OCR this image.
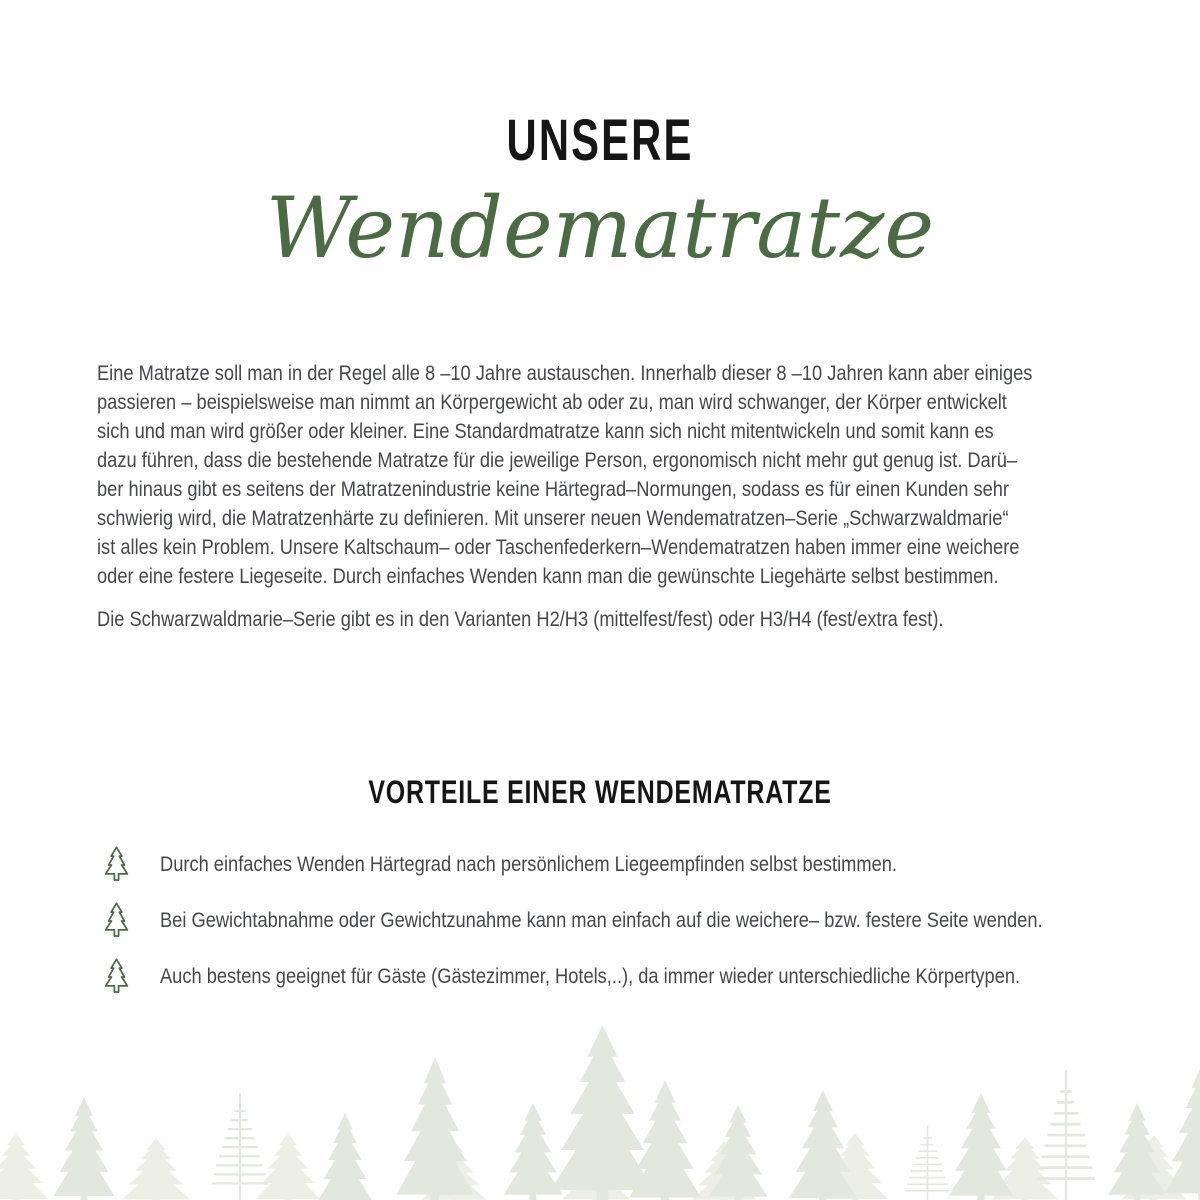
UNSERE
Wendematratze
Eine Matratze soll man in der Regel alle 8 –10 Jahre austauschen. Innerhalb dieser 8 –10 Jahren kann aber einiges
passieren – beispielsweise man nimmt an Körpergewicht ab oder zu, man wird schwanger, der Körper entwickelt
sich und man wird größer oder kleiner. Eine Standardmatratze kann sich nicht mitentwickeln und somit kann es
dazu führen, dass die bestehende Matratze für die jeweilige Person, ergonomisch nicht mehr gut genug ist. Darü–
ber hinaus gibt es seitens der Matratzenindustrie keine Härtegrad–Normungen, sodass es für einen Kunden sehr
schwierig wird, die Matratzenhärte zu definieren. Mit unserer neuen Wendematratzen–Serie „Schwarzwaldmarie“
ist alles kein Problem. Unsere Kaltschaum– oder Taschenfederkern–Wendematratzen haben immer eine weichere
oder eine festere Liegeseite. Durch einfaches Wenden kann man die gewünschte Liegehärte selbst bestimmen.
Die Schwarzwaldmarie–Serie gibt es in den Varianten H2/H3 (mittelfest/fest) oder H3/H4 (fest/extra fest).
VORTEILE EINER WENDEMATRATZE
Durch einfaches Wenden Härtegrad nach persönlichem Liegeempfinden selbst bestimmen.
Bei Gewichtabnahme oder Gewichtzunahme kann man einfach auf die weichere– bzw. festere Seite wenden.
Auch bestens geeignet für Gäste (Gästezimmer, Hotels,..), da immer wieder unterschiedliche Körpertypen.
